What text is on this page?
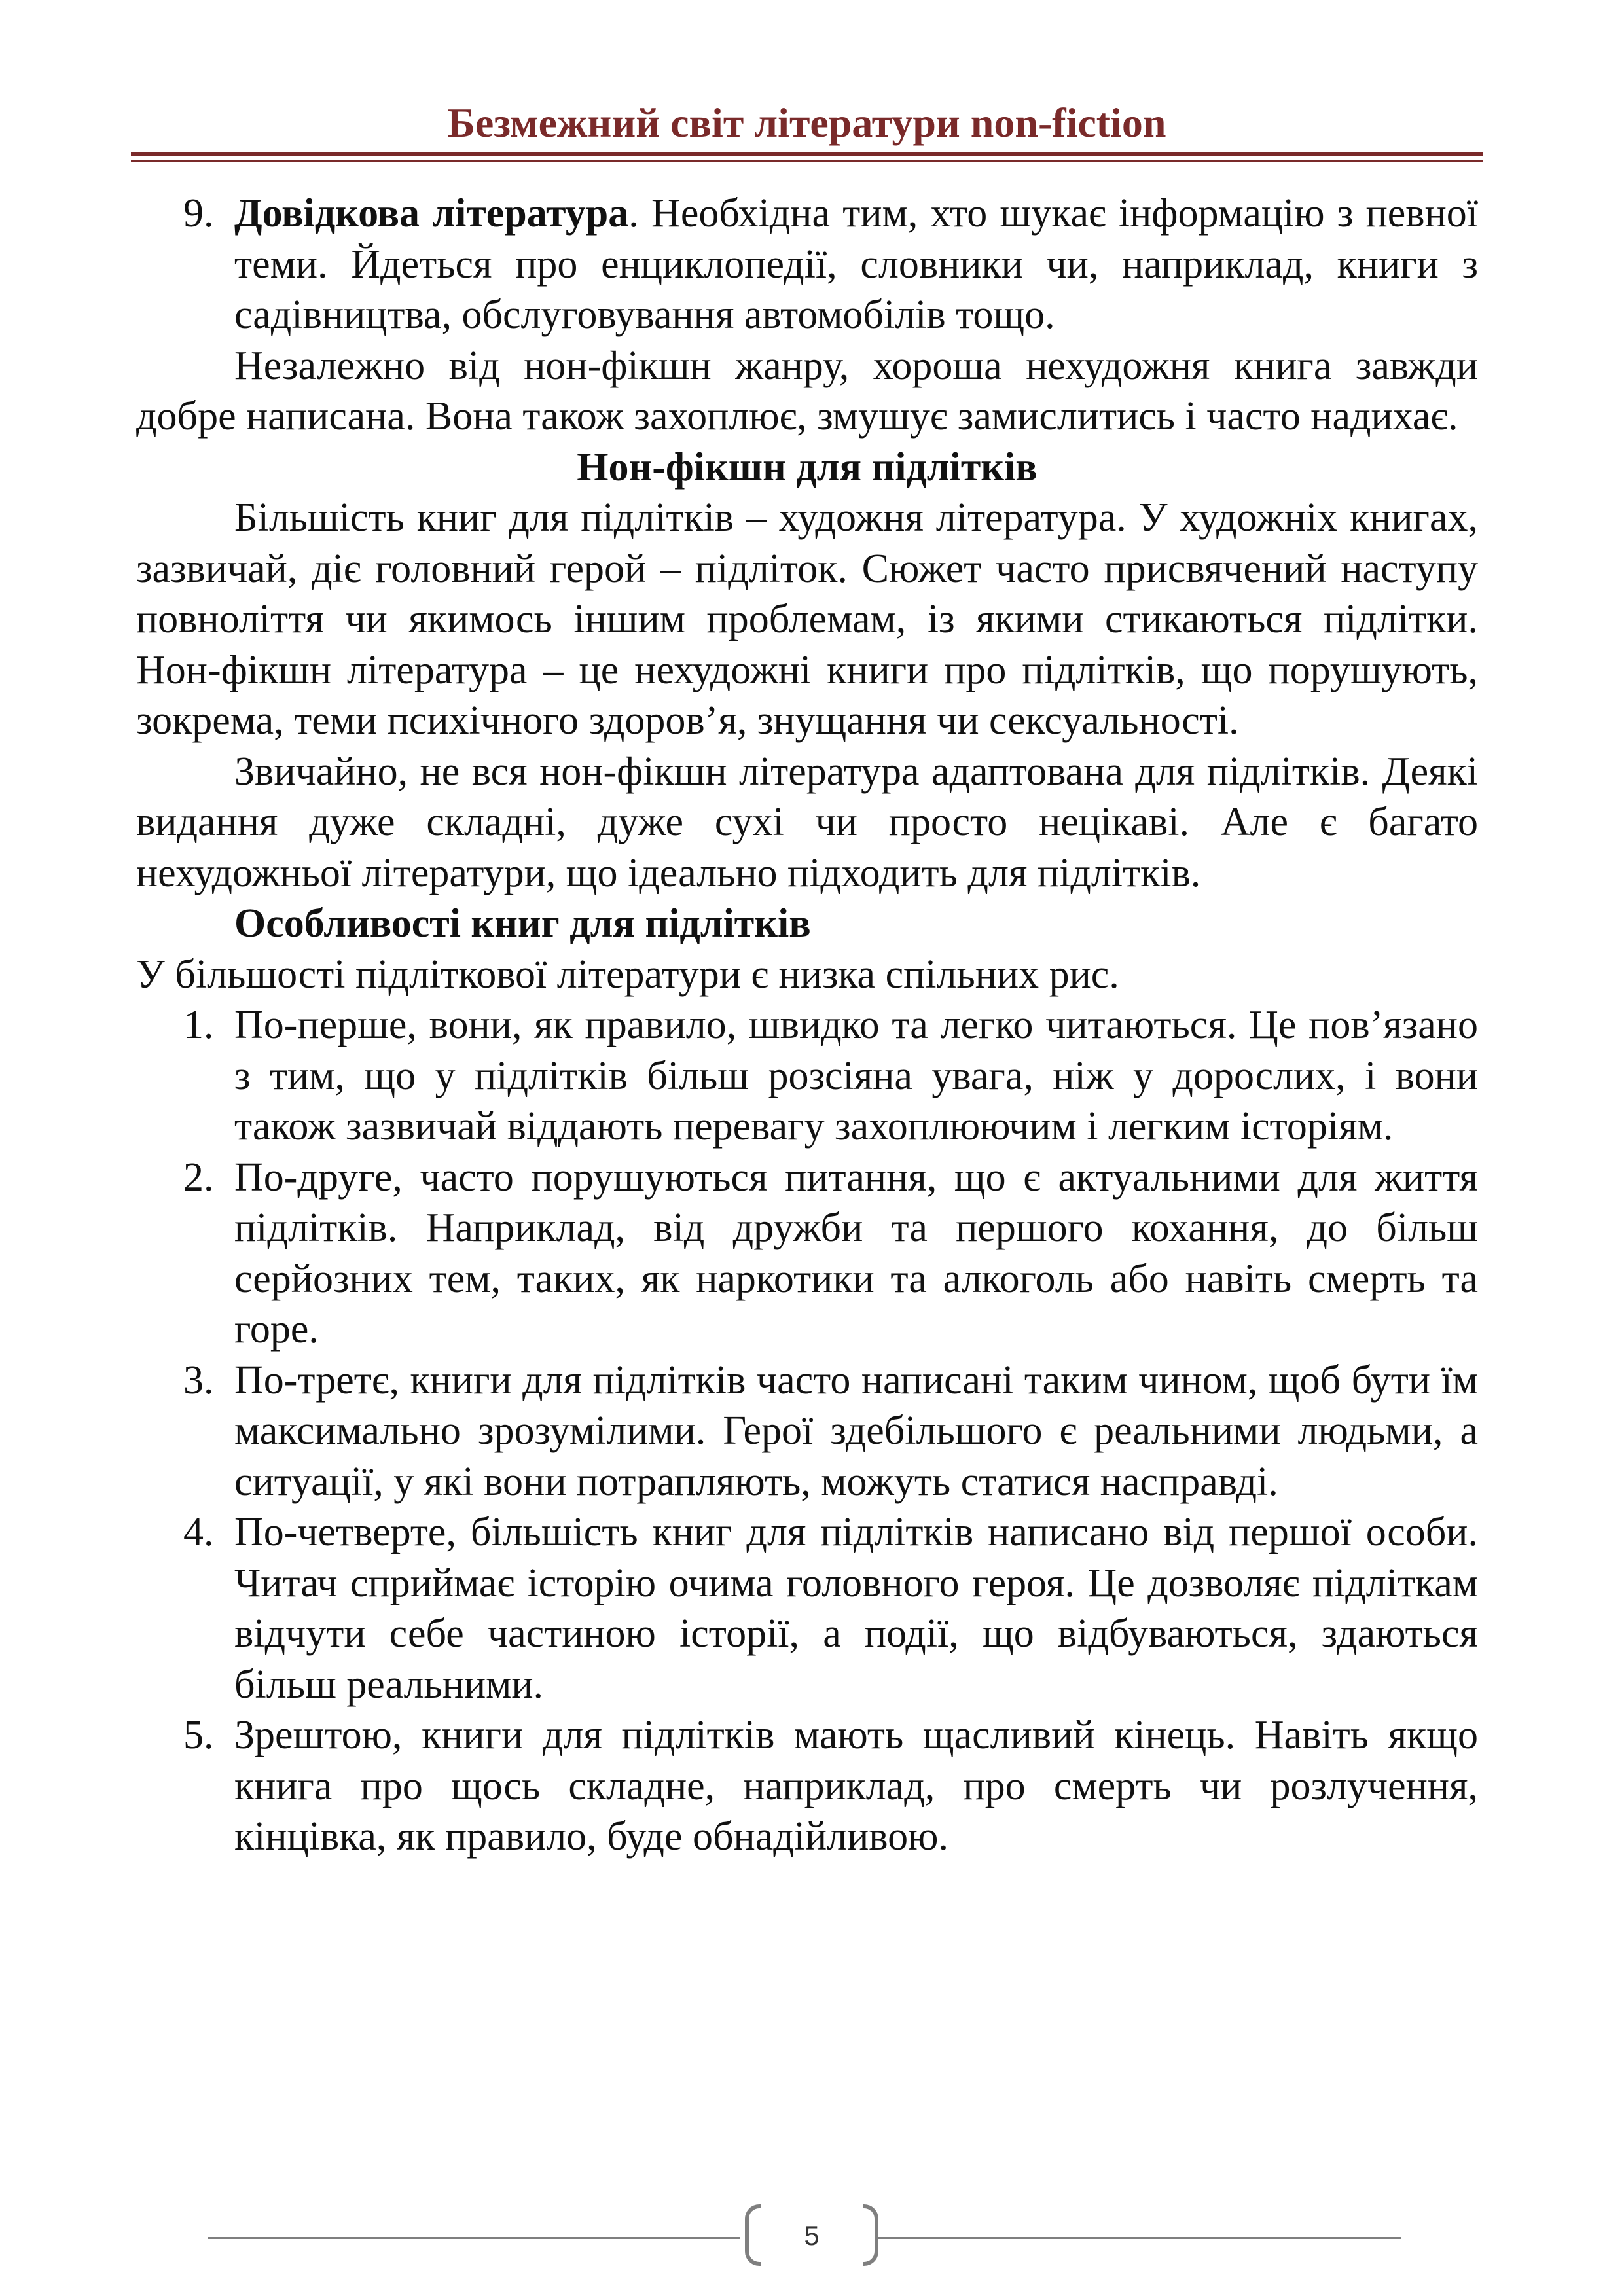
Безмежний світ літератури non-fiction
9. Довідкова література. Необхідна тим, хто шукає інформацію з певної теми. Йдеться про енциклопедії, словники чи, наприклад, книги з садівництва, обслуговування автомобілів тощо.

Незалежно від нон-фікшн жанру, хороша нехудожня книга завжди добре написана. Вона також захоплює, змушує замислитись і часто надихає.

Нон-фікшн для підлітків

Більшість книг для підлітків – художня література. У художніх книгах, зазвичай, діє головний герой – підліток. Сюжет часто присвячений наступу повноліття чи якимось іншим проблемам, із якими стикаються підлітки. Нон-фікшн література – це нехудожні книги про підлітків, що порушують, зокрема, теми психічного здоров’я, знущання чи сексуальності.

Звичайно, не вся нон-фікшн література адаптована для підлітків. Деякі видання дуже складні, дуже сухі чи просто нецікаві. Але є багато нехудожньої літератури, що ідеально підходить для підлітків.

Особливості книг для підлітків

У більшості підліткової літератури є низка спільних рис.

1. По-перше, вони, як правило, швидко та легко читаються. Це пов’язано з тим, що у підлітків більш розсіяна увага, ніж у дорослих, і вони також зазвичай віддають перевагу захоплюючим і легким історіям.
2. По-друге, часто порушуються питання, що є актуальними для життя підлітків. Наприклад, від дружби та першого кохання, до більш серйозних тем, таких, як наркотики та алкоголь або навіть смерть та горе.
3. По-третє, книги для підлітків часто написані таким чином, щоб бути їм максимально зрозумілими. Герої здебільшого є реальними людьми, а ситуації, у які вони потрапляють, можуть статися насправді.
4. По-четверте, більшість книг для підлітків написано від першої особи. Читач сприймає історію очима головного героя. Це дозволяє підліткам відчути себе частиною історії, а події, що відбуваються, здаються більш реальними.
5. Зрештою, книги для підлітків мають щасливий кінець. Навіть якщо книга про щось складне, наприклад, про смерть чи розлучення, кінцівка, як правило, буде обнадійливою.
5
